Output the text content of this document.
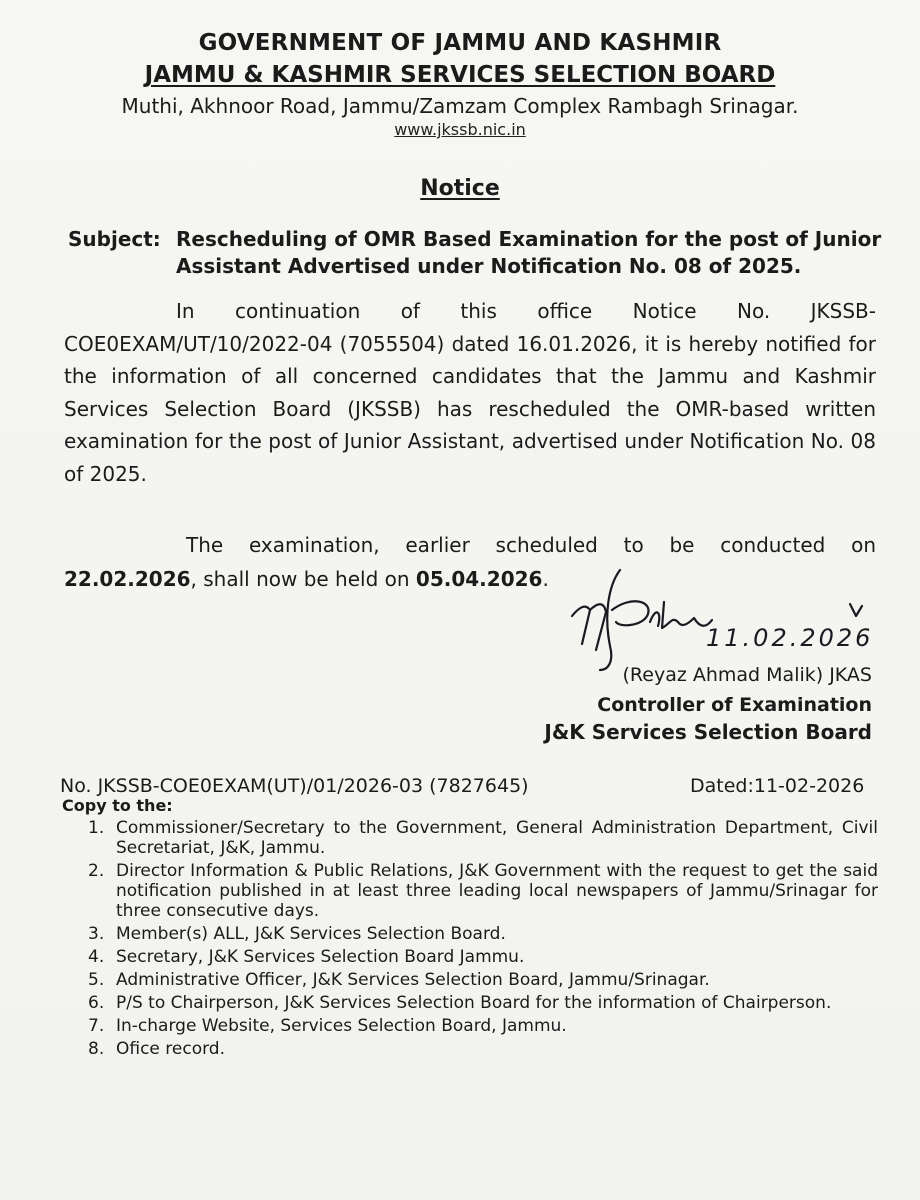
GOVERNMENT OF JAMMU AND KASHMIR
JAMMU & KASHMIR SERVICES SELECTION BOARD
Muthi, Akhnoor Road, Jammu/Zamzam Complex Rambagh Srinagar.
www.jkssb.nic.in
Notice
Subject: Rescheduling of OMR Based Examination for the post of Junior Assistant Advertised under Notification No. 08 of 2025.
In continuation of this office Notice No. JKSSB-COE0EXAM/UT/10/2022-04 (7055504) dated 16.01.2026, it is hereby notified for the information of all concerned candidates that the Jammu and Kashmir Services Selection Board (JKSSB) has rescheduled the OMR-based written examination for the post of Junior Assistant, advertised under Notification No. 08 of 2025.
The examination, earlier scheduled to be conducted on 22.02.2026, shall now be held on 05.04.2026.
11.02.2026
(Reyaz Ahmad Malik) JKAS
Controller of Examination
J&K Services Selection Board
No. JKSSB-COE0EXAM(UT)/01/2026-03 (7827645)	Dated:11-02-2026
Copy to the:
1. Commissioner/Secretary to the Government, General Administration Department, Civil Secretariat, J&K, Jammu.
2. Director Information & Public Relations, J&K Government with the request to get the said notification published in at least three leading local newspapers of Jammu/Srinagar for three consecutive days.
3. Member(s) ALL, J&K Services Selection Board.
4. Secretary, J&K Services Selection Board Jammu.
5. Administrative Officer, J&K Services Selection Board, Jammu/Srinagar.
6. P/S to Chairperson, J&K Services Selection Board for the information of Chairperson.
7. In-charge Website, Services Selection Board, Jammu.
8. Ofice record.
